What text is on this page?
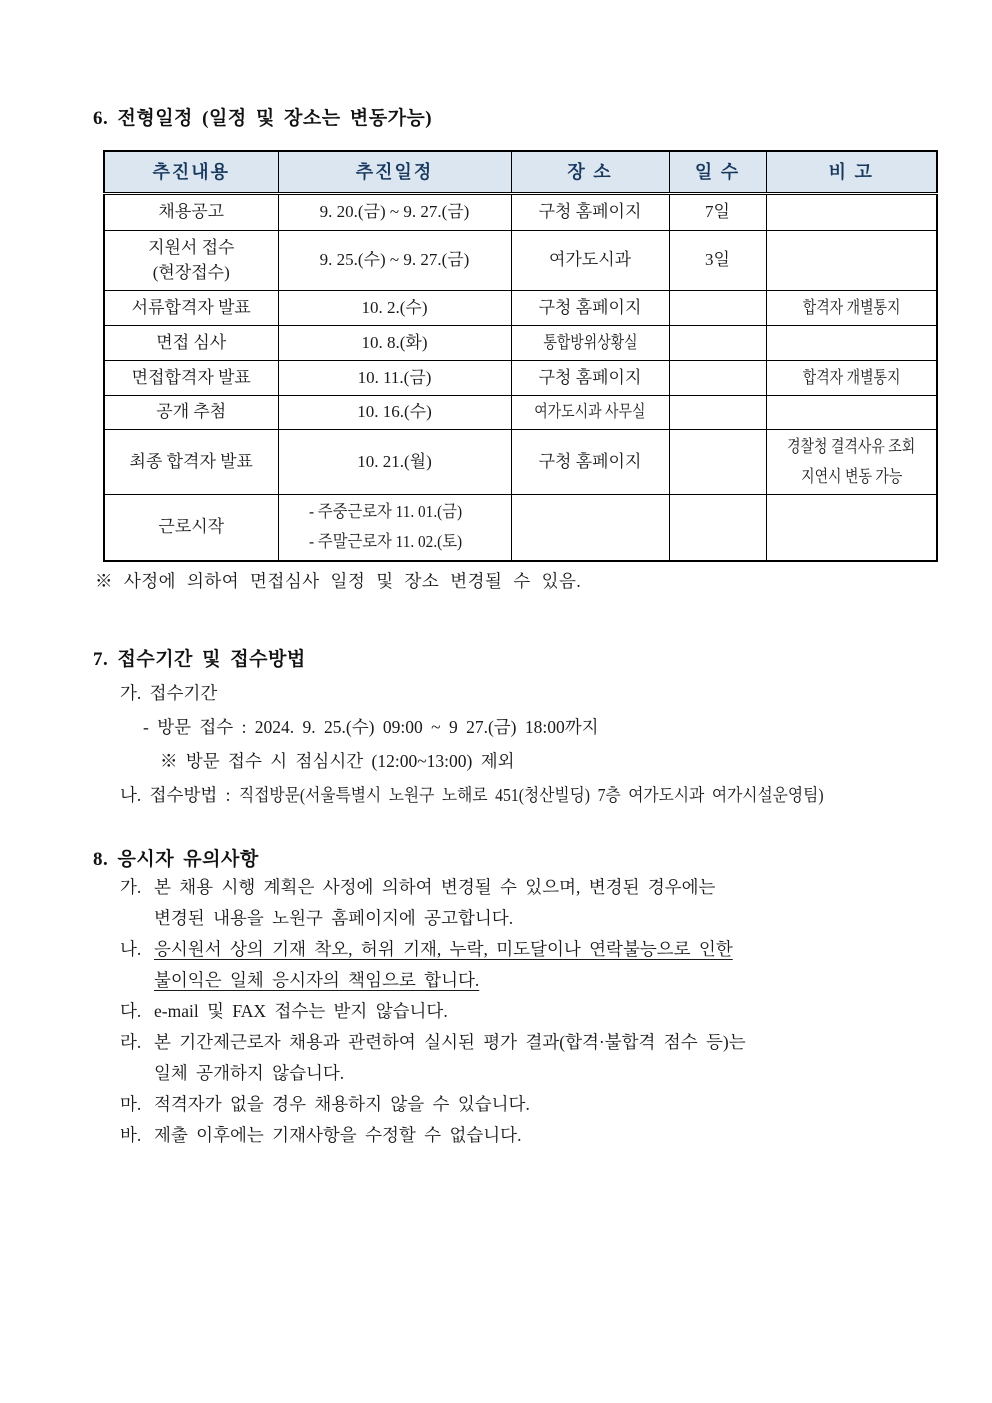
6. 전형일정 (일정 및 장소는 변동가능)
추진내용	추진일정	장 소	일 수	비 고

채용공고	9. 20.(금) ~ 9. 27.(금)	구청 홈페이지	7일	

지원서 접수
(현장접수)	9. 25.(수) ~ 9. 27.(금)	여가도시과	3일	

서류합격자 발표	10. 2.(수)	구청 홈페이지		합격자 개별통지

면접 심사	10. 8.(화)	통합방위상황실		

면접합격자 발표	10. 11.(금)	구청 홈페이지		합격자 개별통지

공개 추첨	10. 16.(수)	여가도시과 사무실		

최종 합격자 발표	10. 21.(월)	구청 홈페이지		경찰청 결격사유 조회
지연시 변동 가능

근로시작	- 주중근로자 11. 01.(금)
- 주말근로자 11. 02.(토)			

※ 사정에 의하여 면접심사 일정 및 장소 변경될 수 있음.
7. 접수기간 및 접수방법
가. 접수기간
- 방문 접수 : 2024. 9. 25.(수) 09:00 ~ 9 27.(금) 18:00까지
※ 방문 접수 시 점심시간 (12:00~13:00) 제외
나. 접수방법 : 직접방문(서울특별시 노원구 노해로 451(청산빌딩) 7층 여가도시과 여가시설운영팀)
8. 응시자 유의사항
가. 본 채용 시행 계획은 사정에 의하여 변경될 수 있으며, 변경된 경우에는
변경된 내용을 노원구 홈페이지에 공고합니다.
나. 응시원서 상의 기재 착오, 허위 기재, 누락, 미도달이나 연락불능으로 인한
불이익은 일체 응시자의 책임으로 합니다.
다. e-mail 및 FAX 접수는 받지 않습니다.
라. 본 기간제근로자 채용과 관련하여 실시된 평가 결과(합격·불합격 점수 등)는
일체 공개하지 않습니다.
마. 적격자가 없을 경우 채용하지 않을 수 있습니다.
바. 제출 이후에는 기재사항을 수정할 수 없습니다.
